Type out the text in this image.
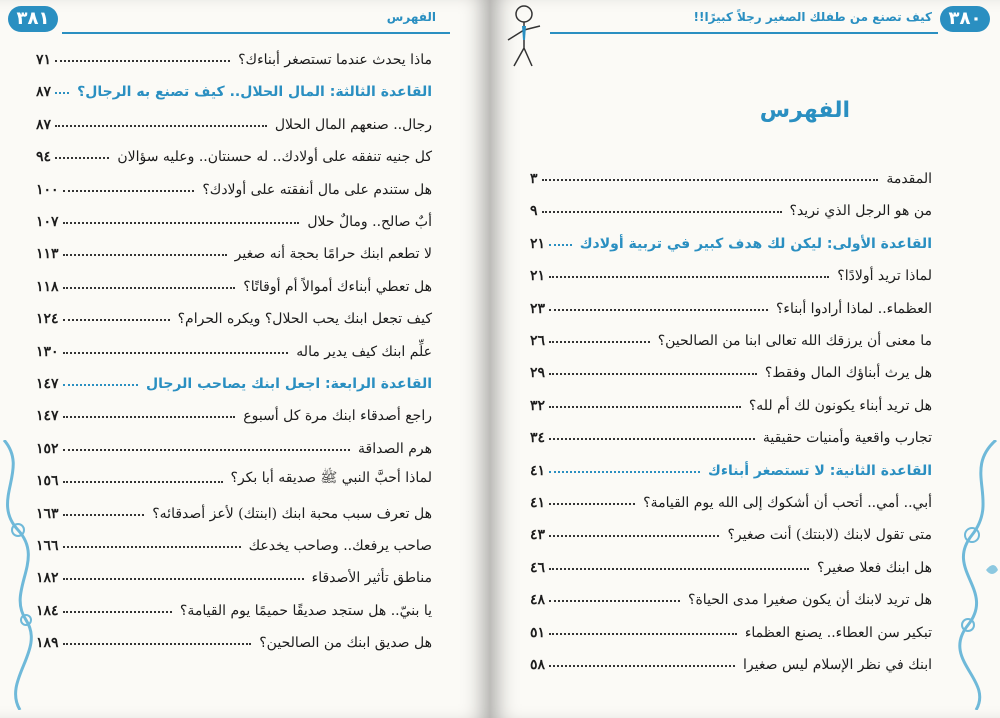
٣٨١	الفهرس
ماذا يحدث عندما تستصغر أبناءك؟
٧١
القاعدة الثالثة: المال الحلال.. كيف تصنع به الرجال؟
٨٧
رجال.. صنعهم المال الحلال
٨٧
كل جنيه تنفقه على أولادك.. له حسنتان.. وعليه سؤالان
٩٤
هل ستندم على مال أنفقته على أولادك؟
١٠٠
أبٌ صالح.. ومالٌ حلال
١٠٧
لا تطعم ابنك حرامًا بحجة أنه صغير
١١٣
هل تعطي أبناءك أموالاً أم أوقاتًا؟
١١٨
كيف تجعل ابنك يحب الحلال؟ ويكره الحرام؟
١٢٤
علِّم ابنك كيف يدير ماله
١٣٠
القاعدة الرابعة: اجعل ابنك يصاحب الرجال
١٤٧
راجع أصدقاء ابنك مرة كل أسبوع
١٤٧
هرم الصداقة
١٥٢
لماذا أحبَّ النبي ﷺ صديقه أبا بكر؟
١٥٦
هل تعرف سبب محبة ابنك (ابنتك) لأعز أصدقائه؟
١٦٣
صاحب يرفعك.. وصاحب يخدعك
١٦٦
مناطق تأثير الأصدقاء
١٨٢
يا بنيّ.. هل ستجد صديقًا حميمًا يوم القيامة؟
١٨٤
هل صديق ابنك من الصالحين؟
١٨٩
٣٨٠
كيف تصنع من طفلك الصغير رجلاً كبيرًا!!
الفهرس
المقدمة
٣
من هو الرجل الذي نريد؟
٩
القاعدة الأولى: ليكن لك هدف كبير في تربية أولادك
٢١
لماذا تريد أولادًا؟
٢١
العظماء.. لماذا أرادوا أبناء؟
٢٣
ما معنى أن يرزقك الله تعالى ابنا من الصالحين؟
٢٦
هل يرث أبناؤك المال وفقط؟
٢٩
هل تريد أبناء يكونون لك أم لله؟
٣٢
تجارب واقعية وأمنيات حقيقية
٣٤
القاعدة الثانية: لا تستصغر أبناءك
٤١
أبي.. أمي.. أتحب أن أشكوك إلى الله يوم القيامة؟
٤١
متى تقول لابنك (لابنتك) أنت صغير؟
٤٣
هل ابنك فعلا صغير؟
٤٦
هل تريد لابنك أن يكون صغيرا مدى الحياة؟
٤٨
تبكير سن العطاء.. يصنع العظماء
٥١
ابنك في نظر الإسلام ليس صغيرا
٥٨
